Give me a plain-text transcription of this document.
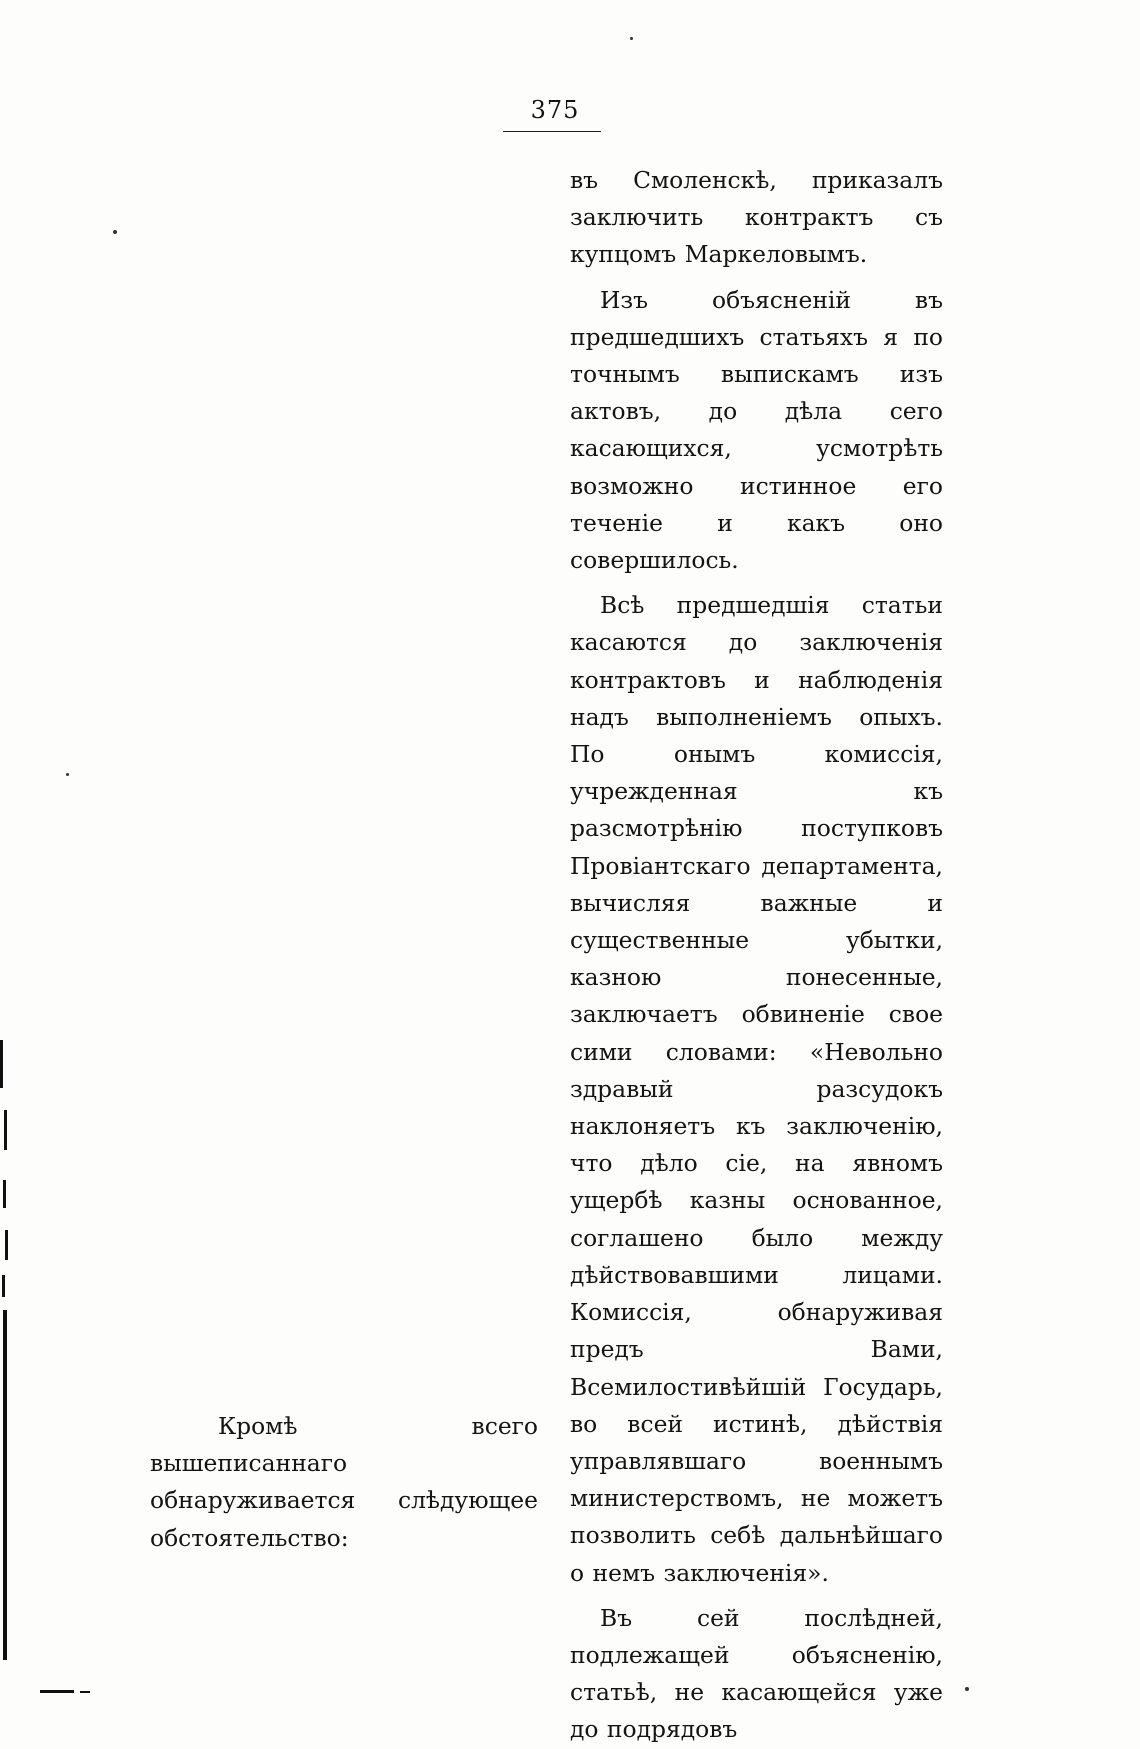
375

въ Смоленскѣ, приказалъ заключить контрактъ съ купцомъ Маркеловымъ.

Изъ объясненій въ предшедшихъ статьяхъ я по точнымъ выпискамъ изъ актовъ, до дѣла сего касающихся, усмотрѣть возможно истинное его теченіе и какъ оно совершилось.

Всѣ предшедшія статьи касаются до заключенія контрактовъ и наблюденія надъ выполненіемъ опыхъ. По онымъ комиссія, учрежденная къ разсмотрѣнію поступковъ Провіантскаго департамента, вычисляя важные и существенные убытки, казною понесенные, заключаетъ обвиненіе свое сими словами: «Невольно здравый разсудокъ наклоняетъ къ заключенію, что дѣло сіе, на явномъ ущербѣ казны основанное, соглашено было между дѣйствовавшими лицами. Комиссія, обнаруживая предъ Вами, Всемилостивѣйшій Государь, во всей истинѣ, дѣйствія управлявшаго военнымъ министерствомъ, не можетъ позволить себѣ дальнѣйшаго о немъ заключенія».

Въ сей послѣдней, подлежащей объясненію, статьѣ, не касающейся уже до подрядовъ

Кромѣ всего вышеписаннаго обнаруживается слѣдующее обстоятельство:
